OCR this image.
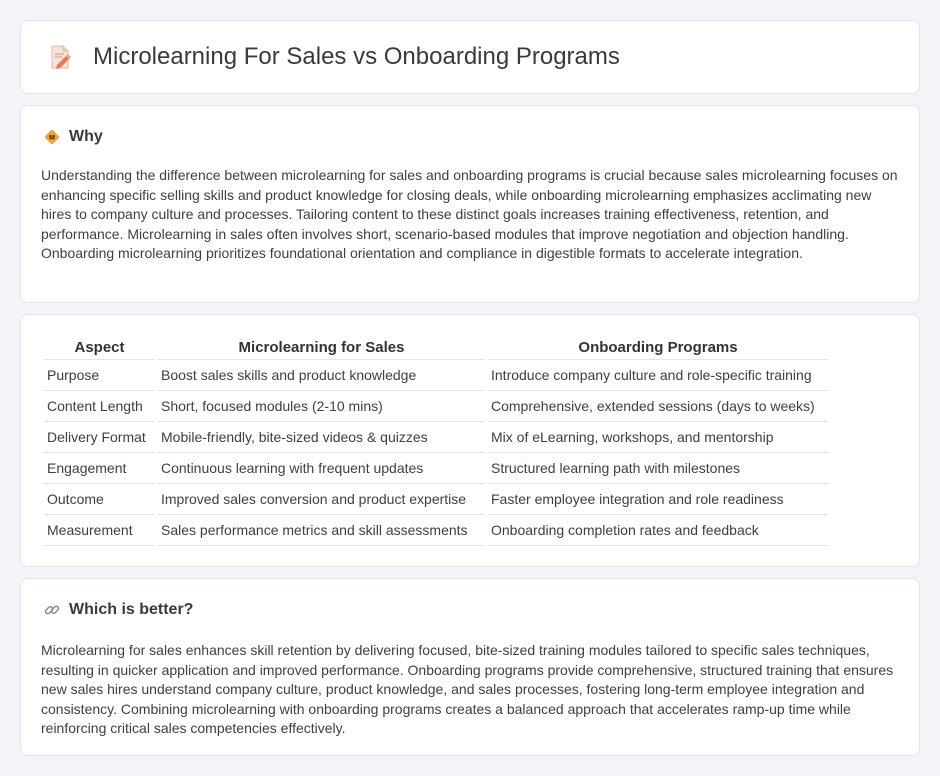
Microlearning For Sales vs Onboarding Programs
Why

Understanding the difference between microlearning for sales and onboarding programs is crucial because sales microlearning focuses on enhancing specific selling skills and product knowledge for closing deals, while onboarding microlearning emphasizes acclimating new hires to company culture and processes. Tailoring content to these distinct goals increases training effectiveness, retention, and performance. Microlearning in sales often involves short, scenario-based modules that improve negotiation and objection handling. Onboarding microlearning prioritizes foundational orientation and compliance in digestible formats to accelerate integration.

Aspect	Microlearning for Sales	Onboarding Programs
Purpose	Boost sales skills and product knowledge	Introduce company culture and role-specific training
Content Length	Short, focused modules (2-10 mins)	Comprehensive, extended sessions (days to weeks)
Delivery Format	Mobile-friendly, bite-sized videos & quizzes	Mix of eLearning, workshops, and mentorship
Engagement	Continuous learning with frequent updates	Structured learning path with milestones
Outcome	Improved sales conversion and product expertise	Faster employee integration and role readiness
Measurement	Sales performance metrics and skill assessments	Onboarding completion rates and feedback
Which is better?

Microlearning for sales enhances skill retention by delivering focused, bite-sized training modules tailored to specific sales techniques, resulting in quicker application and improved performance. Onboarding programs provide comprehensive, structured training that ensures new sales hires understand company culture, product knowledge, and sales processes, fostering long-term employee integration and consistency. Combining microlearning with onboarding programs creates a balanced approach that accelerates ramp-up time while reinforcing critical sales competencies effectively.
